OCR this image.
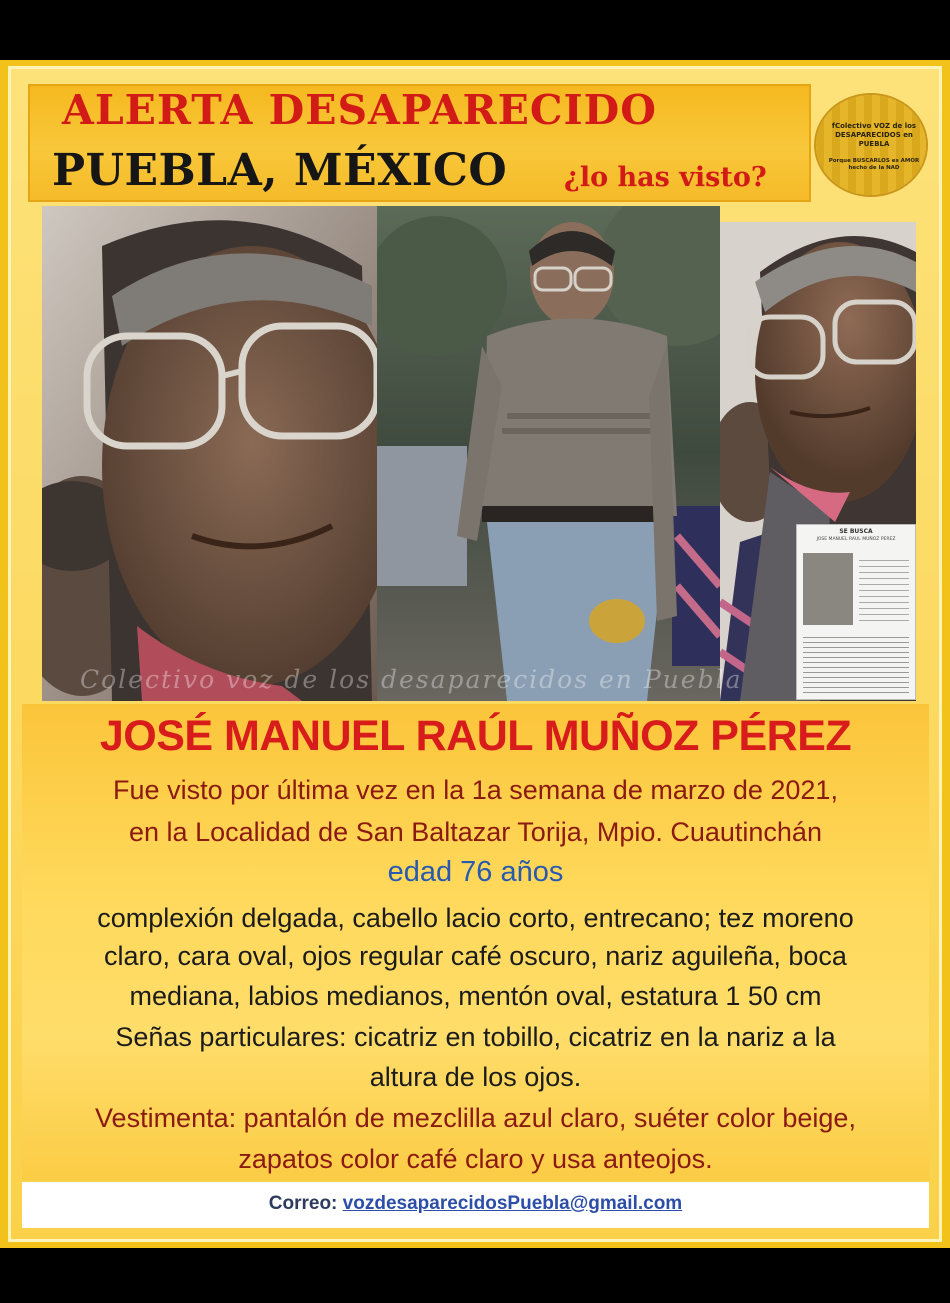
ALERTA DESAPARECIDO
PUEBLA, MÉXICO ¿lo has visto?
fColectivo VOZ de los DESAPARECIDOS en PUEBLA
Porque BUSCARLOS es AMOR hecho de la NAD
SE BUSCA
JOSE MANUEL RAUL MUÑOZ PEREZ
Colectivo voz de los desaparecidos en Puebla
JOSÉ MANUEL RAÚL MUÑOZ PÉREZ
Fue visto por última vez en la 1a semana de marzo de 2021,
en la Localidad de San Baltazar Torija, Mpio. Cuautinchán
edad 76 años
complexión delgada, cabello lacio corto, entrecano; tez moreno
claro, cara oval, ojos regular café oscuro, nariz aguileña, boca
mediana, labios medianos, mentón oval, estatura 1 50 cm
Señas particulares: cicatriz en tobillo, cicatriz en la nariz a la
altura de los ojos.
Vestimenta: pantalón de mezclilla azul claro, suéter color beige,
zapatos color café claro y usa anteojos.
Correo: vozdesaparecidosPuebla@gmail.com
